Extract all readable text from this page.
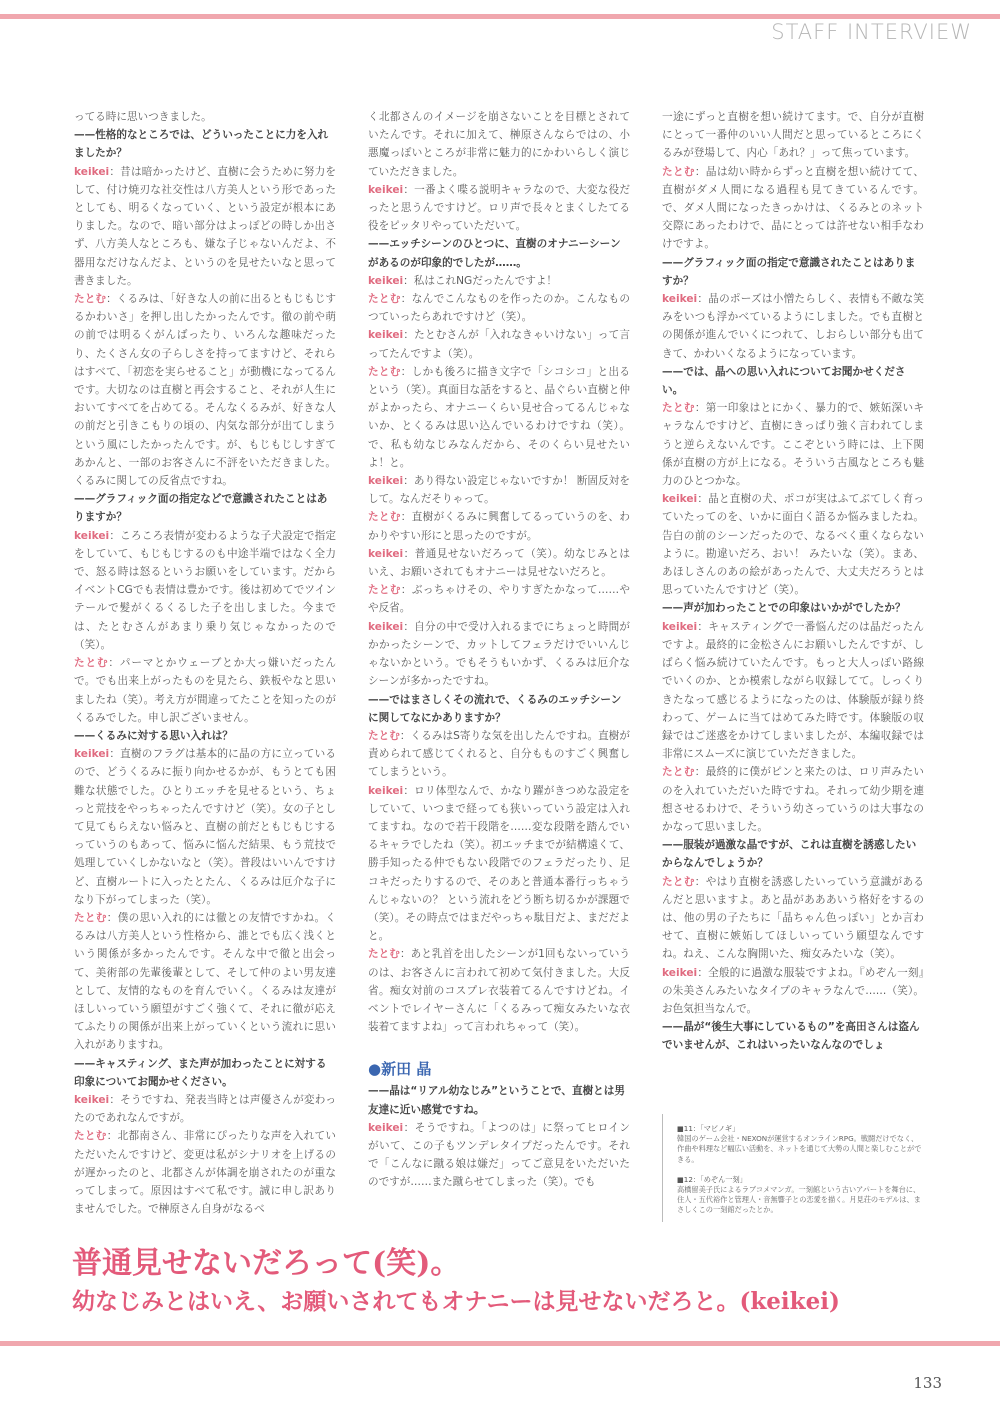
STAFF INTERVIEW

ってる時に思いつきました。

——性格的なところでは、どういったことに力を入れましたか？

keikei：昔は暗かったけど、直樹に会うために努力をして、付け焼刃な社交性は八方美人という形であったとしても、明るくなっていく、という設定が根本にありました。なので、暗い部分はよっぽどの時しか出さず、八方美人なところも、嫌な子じゃないんだよ、不器用なだけなんだよ、というのを見せたいなと思って書きました。

たとむ：くるみは、「好きな人の前に出るともじもじするかわいさ」を押し出したかったんです。徹の前や萌の前では明るくがんばったり、いろんな趣味だったり、たくさん女の子らしさを持ってますけど、それらはすべて、「初恋を実らせること」が動機になってるんです。大切なのは直樹と再会すること、それが人生においてすべてを占めてる。そんなくるみが、好きな人の前だと引きこもりの頃の、内気な部分が出てしまうという風にしたかったんです。が、もじもじしすぎてあかんと、一部のお客さんに不評をいただきました。くるみに関しての反省点ですね。

——グラフィック面の指定などで意識されたことはありますか？

keikei：ころころ表情が変わるような子犬設定で指定をしていて、もじもじするのも中途半端ではなく全力で、怒る時は怒るというお願いをしています。だからイベントCGでも表情は豊かです。後は初めてでツインテールで髪がくるくるした子を出しました。今までは、たとむさんがあまり乗り気じゃなかったので（笑）。

たとむ：パーマとかウェーブとか大っ嫌いだったんで。でも出来上がったものを見たら、鉄板やなと思いましたね（笑）。考え方が間違ってたことを知ったのがくるみでした。申し訳ございません。

——くるみに対する思い入れは？

keikei：直樹のフラグは基本的に晶の方に立っているので、どうくるみに振り向かせるかが、もうとても困難な状態でした。ひとりエッチを見せるという、ちょっと荒技をやっちゃったんですけど（笑）。女の子として見てもらえない悩みと、直樹の前だともじもじするっていうのもあって、悩みに悩んだ結果、もう荒技で処理していくしかないなと（笑）。普段はいいんですけど、直樹ルートに入ったとたん、くるみは厄介な子になり下がってしまった（笑）。

たとむ：僕の思い入れ的には徹との友情ですかね。くるみは八方美人という性格から、誰とでも広く浅くという関係が多かったんです。そんな中で徹と出会って、美術部の先輩後輩として、そして仲のよい男友達として、友情的なものを育んでいく。くるみは友達がほしいっていう願望がすごく強くて、それに徹が応えてふたりの関係が出来上がっていくという流れに思い入れがありますね。

——キャスティング、また声が加わったことに対する印象についてお聞かせください。

keikei：そうですね、発表当時とは声優さんが変わったのであれなんですが。

たとむ：北都南さん、非常にぴったりな声を入れていただいたんですけど、変更は私がシナリオを上げるのが遅かったのと、北都さんが体調を崩されたのが重なってしまって。原因はすべて私です。誠に申し訳ありませんでした。で榊原さん自身がなるべ

く北都さんのイメージを崩さないことを目標とされていたんです。それに加えて、榊原さんならではの、小悪魔っぽいところが非常に魅力的にかわいらしく演じていただきました。

keikei：一番よく喋る説明キャラなので、大変な役だったと思うんですけど。ロリ声で長々とまくしたてる役をピッタリやっていただいて。

——エッチシーンのひとつに、直樹のオナニーシーンがあるのが印象的でしたが……。

keikei：私はこれNGだったんですよ！

たとむ：なんでこんなものを作ったのか。こんなものつていったらあれですけど（笑）。

keikei：たとむさんが「入れなきゃいけない」って言ってたんですよ（笑）。

たとむ：しかも後ろに描き文字で「シコシコ」と出るという（笑）。真面目な話をすると、晶ぐらい直樹と仲がよかったら、オナニーくらい見せ合ってるんじゃないか、とくるみは思い込んでいるわけですね（笑）。で、私も幼なじみなんだから、そのくらい見せたいよ！と。

keikei：あり得ない設定じゃないですか！ 断固反対をして。なんだそりゃって。

たとむ：直樹がくるみに興奮してるっていうのを、わかりやすい形にと思ったのですが。

keikei：普通見せないだろって（笑）。幼なじみとはいえ、お願いされてもオナニーは見せないだろと。

たとむ：ぶっちゃけその、やりすぎたかなって……やや反省。

keikei：自分の中で受け入れるまでにちょっと時間がかかったシーンで、カットしてフェラだけでいいんじゃないかという。でもそうもいかず、くるみは厄介なシーンが多かったですね。

——ではまさしくその流れで、くるみのエッチシーンに関してなにかありますか？

たとむ：くるみはS寄りな気を出したんですね。直樹が責められて感じてくれると、自分もものすごく興奮してしまうという。

keikei：ロリ体型なんで、かなり躍がきつめな設定をしていて、いつまで経っても狭いっていう設定は入れてますね。なので若干段階を……変な段階を踏んでいるキャラでしたね（笑）。初エッチまでが結構遠くて、勝手知ったる仲でもない段階でのフェラだったり、足コキだったりするので、そのあと普通本番行っちゃうんじゃないの？ という流れをどう断ち切るかが課題で（笑）。その時点ではまだやっちゃ駄目だよ、まだだよと。

たとむ：あと乳首を出したシーンが1回もないっていうのは、お客さんに言われて初めて気付きました。大反省。痴女対前のコスプレ衣装着てるんですけどね。イベントでレイヤーさんに「くるみって痴女みたいな衣装着てますよね」って言われちゃって（笑）。

●新田 晶

——晶は“リアル幼なじみ”ということで、直樹とは男友達に近い感覚ですね。

keikei：そうですね。「よつのは」に祭ってヒロインがいて、この子もツンデレタイプだったんです。それで「こんなに蹴る娘は嫌だ」ってご意見をいただいたのですが……また蹴らせてしまった（笑）。でも

一途にずっと直樹を想い続けてます。で、自分が直樹にとって一番仲のいい人間だと思っているところにくるみが登場して、内心「あれ？」って焦っています。

たとむ：晶は幼い時からずっと直樹を想い続けてて、直樹がダメ人間になる過程も見てきているんです。で、ダメ人間になったきっかけは、くるみとのネット交際にあったわけで、晶にとっては許せない相手なわけですよ。

——グラフィック面の指定で意識されたことはありますか？

keikei：晶のポーズは小憎たらしく、表情も不敵な笑みをいつも浮かべているようにしました。でも直樹との関係が進んでいくにつれて、しおらしい部分も出てきて、かわいくなるようになっています。

——では、晶への思い入れについてお聞かせください。

たとむ：第一印象はとにかく、暴力的で、嫉妬深いキャラなんですけど、直樹にきっぱり強く言われてしまうと逆らえないんです。ここぞという時には、上下関係が直樹の方が上になる。そういう古風なところも魅力のひとつかな。

keikei：晶と直樹の犬、ポコが実はふてぶてしく育っていたってのを、いかに面白く語るか悩みましたね。告白の前のシーンだったので、なるべく重くならないように。勘違いだろ、おい！ みたいな（笑）。まあ、あほしさんのあの絵があったんで、大丈夫だろうとは思っていたんですけど（笑）。

——声が加わったことでの印象はいかがでしたか？

keikei：キャスティングで一番悩んだのは晶だったんですよ。最終的に金松さんにお願いしたんですが、しばらく悩み続けていたんです。もっと大人っぽい路線でいくのか、とか模索しながら収録してて。しっくりきたなって感じるようになったのは、体験版が録り終わって、ゲームに当てはめてみた時です。体験版の収録ではご迷惑をかけてしまいましたが、本編収録では非常にスムーズに演じていただきました。

たとむ：最終的に僕がピンと来たのは、ロリ声みたいのを入れていただいた時ですね。それって幼少期を連想させるわけで、そういう幼さっていうのは大事なのかなって思いました。

——服装が過激な晶ですが、これは直樹を誘惑したいからなんでしょうか？

たとむ：やはり直樹を誘惑したいっていう意識があるんだと思いますよ。あと晶があああいう格好をするのは、他の男の子たちに「晶ちゃん色っぽい」とか言わせて、直樹に嫉妬してほしいっていう願望なんですね。ねえ、こんな胸開いた、痴女みたいな（笑）。

keikei：全般的に過激な服装ですよね。『めぞん一刻』の朱美さんみたいなタイプのキャラなんで……（笑）。お色気担当なんで。

——晶が“後生大事にしているもの”を高田さんは盗んでいませんが、これはいったいなんなのでしょ

■11：「マビノギ」
韓国のゲーム会社・NEXONが運営するオンラインRPG。戦闘だけでなく、作曲や料理など幅広い活動を、ネットを通じて大勢の人間と楽しむことができる。
■12：「めぞん一刻」
高橋留美子氏によるラブコメマンガ。一刻館という古いアパートを舞台に、住人・五代裕作と管理人・音無響子との恋愛を描く。月見荘のモデルは、まさしくこの一刻館だったとか。
普通見せないだろって(笑)。
幼なじみとはいえ、お願いされてもオナニーは見せないだろと。(keikei)
133
